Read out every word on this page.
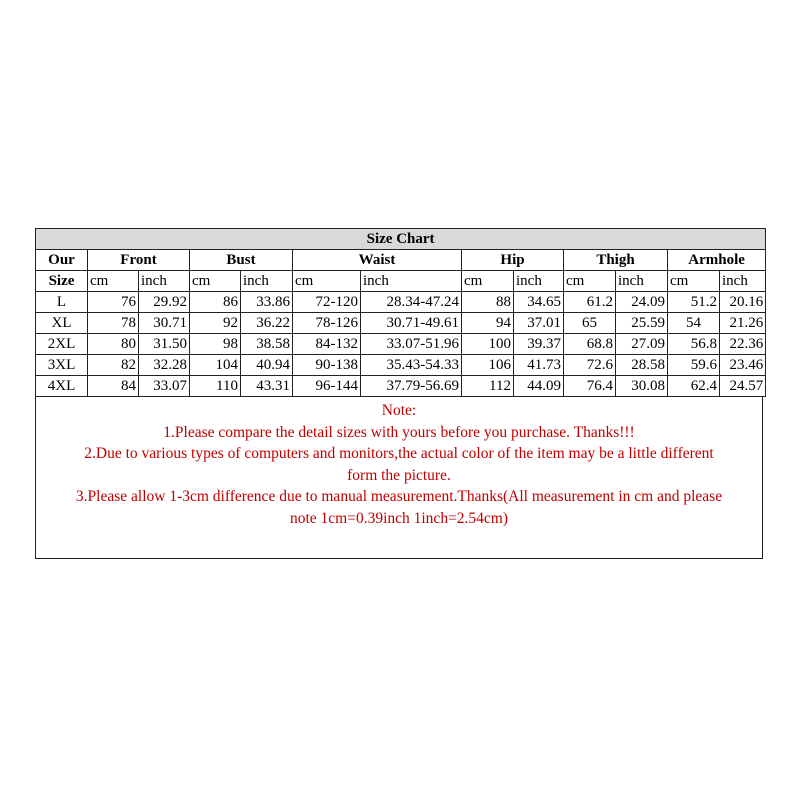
Size Chart												
Our	Front		Bust		Waist		Hip		Thigh		Armhole	
Size	cm	inch	cm	inch	cm	inch	cm	inch	cm	inch	cm	inch
L	76	29.92	86	33.86	72-120	28.34-47.24	88	34.65	61.2	24.09	51.2	20.16
XL	78	30.71	92	36.22	78-126	30.71-49.61	94	37.01	65	25.59	54	21.26
2XL	80	31.50	98	38.58	84-132	33.07-51.96	100	39.37	68.8	27.09	56.8	22.36
3XL	82	32.28	104	40.94	90-138	35.43-54.33	106	41.73	72.6	28.58	59.6	23.46
4XL	84	33.07	110	43.31	96-144	37.79-56.69	112	44.09	76.4	30.08	62.4	24.57
Note:
1.Please compare the detail sizes with yours before you purchase. Thanks!!!
2.Due to various types of computers and monitors,the actual color of the item may be a little different
form the picture.
3.Please allow 1-3cm difference due to manual measurement.Thanks(All measurement in cm and please
note 1cm=0.39inch 1inch=2.54cm)
